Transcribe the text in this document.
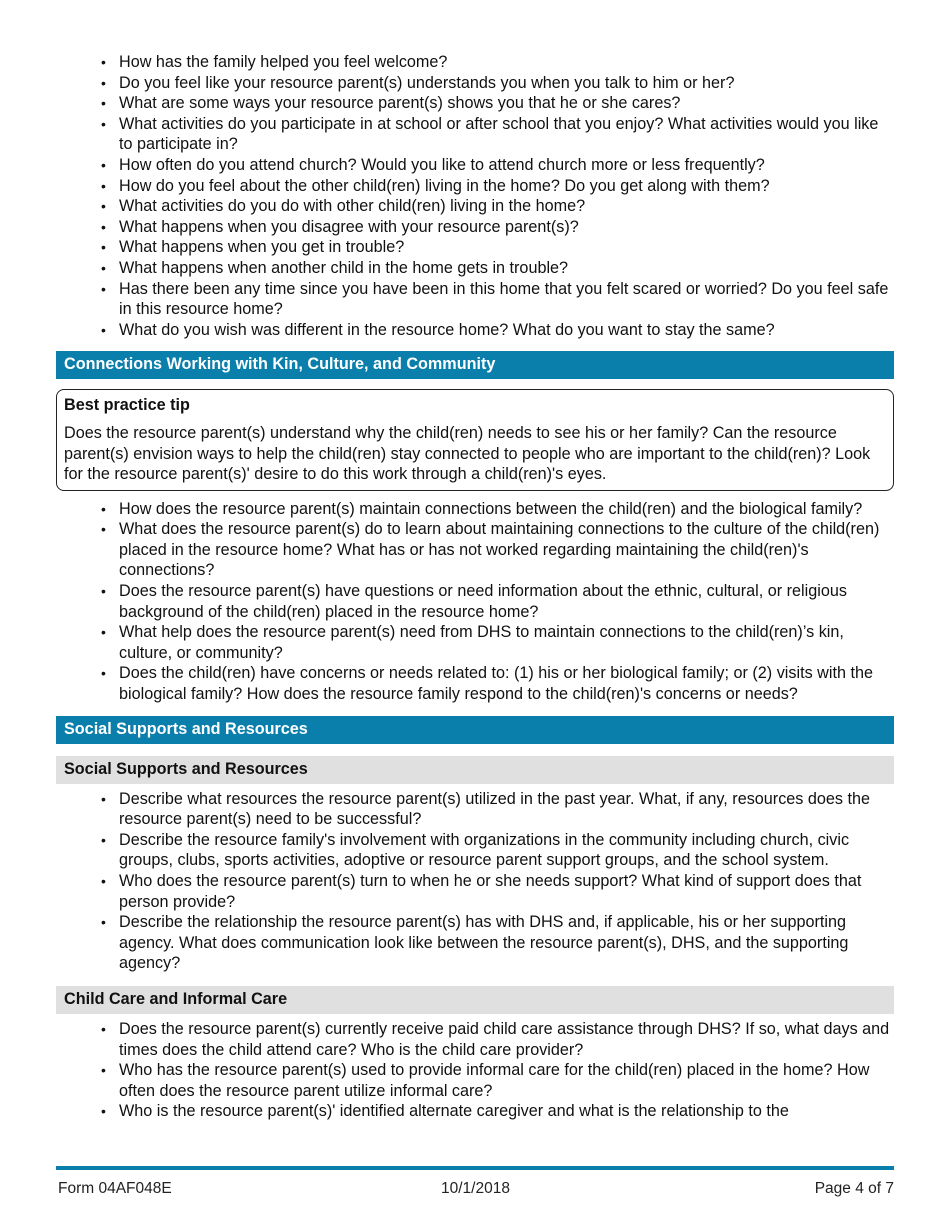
• How has the family helped you feel welcome?
• Do you feel like your resource parent(s) understands you when you talk to him or her?
• What are some ways your resource parent(s) shows you that he or she cares?
• What activities do you participate in at school or after school that you enjoy? What activities would you like to participate in?
• How often do you attend church? Would you like to attend church more or less frequently?
• How do you feel about the other child(ren) living in the home? Do you get along with them?
• What activities do you do with other child(ren) living in the home?
• What happens when you disagree with your resource parent(s)?
• What happens when you get in trouble?
• What happens when another child in the home gets in trouble?
• Has there been any time since you have been in this home that you felt scared or worried? Do you feel safe in this resource home?
• What do you wish was different in the resource home? What do you want to stay the same?
Connections Working with Kin, Culture, and Community
Best practice tip
Does the resource parent(s) understand why the child(ren) needs to see his or her family? Can the resource parent(s) envision ways to help the child(ren) stay connected to people who are important to the child(ren)? Look for the resource parent(s)' desire to do this work through a child(ren)'s eyes.
• How does the resource parent(s) maintain connections between the child(ren) and the biological family?
• What does the resource parent(s) do to learn about maintaining connections to the culture of the child(ren) placed in the resource home? What has or has not worked regarding maintaining the child(ren)'s connections?
• Does the resource parent(s) have questions or need information about the ethnic, cultural, or religious background of the child(ren) placed in the resource home?
• What help does the resource parent(s) need from DHS to maintain connections to the child(ren)’s kin, culture, or community?
• Does the child(ren) have concerns or needs related to: (1) his or her biological family; or (2) visits with the biological family? How does the resource family respond to the child(ren)'s concerns or needs?
Social Supports and Resources
Social Supports and Resources
• Describe what resources the resource parent(s) utilized in the past year. What, if any, resources does the resource parent(s) need to be successful?
• Describe the resource family's involvement with organizations in the community including church, civic groups, clubs, sports activities, adoptive or resource parent support groups, and the school system.
• Who does the resource parent(s) turn to when he or she needs support? What kind of support does that person provide?
• Describe the relationship the resource parent(s) has with DHS and, if applicable, his or her supporting agency. What does communication look like between the resource parent(s), DHS, and the supporting agency?
Child Care and Informal Care
• Does the resource parent(s) currently receive paid child care assistance through DHS? If so, what days and times does the child attend care? Who is the child care provider?
• Who has the resource parent(s) used to provide informal care for the child(ren) placed in the home? How often does the resource parent utilize informal care?
• Who is the resource parent(s)' identified alternate caregiver and what is the relationship to the
Form 04AF048E	10/1/2018	Page 4 of 7
